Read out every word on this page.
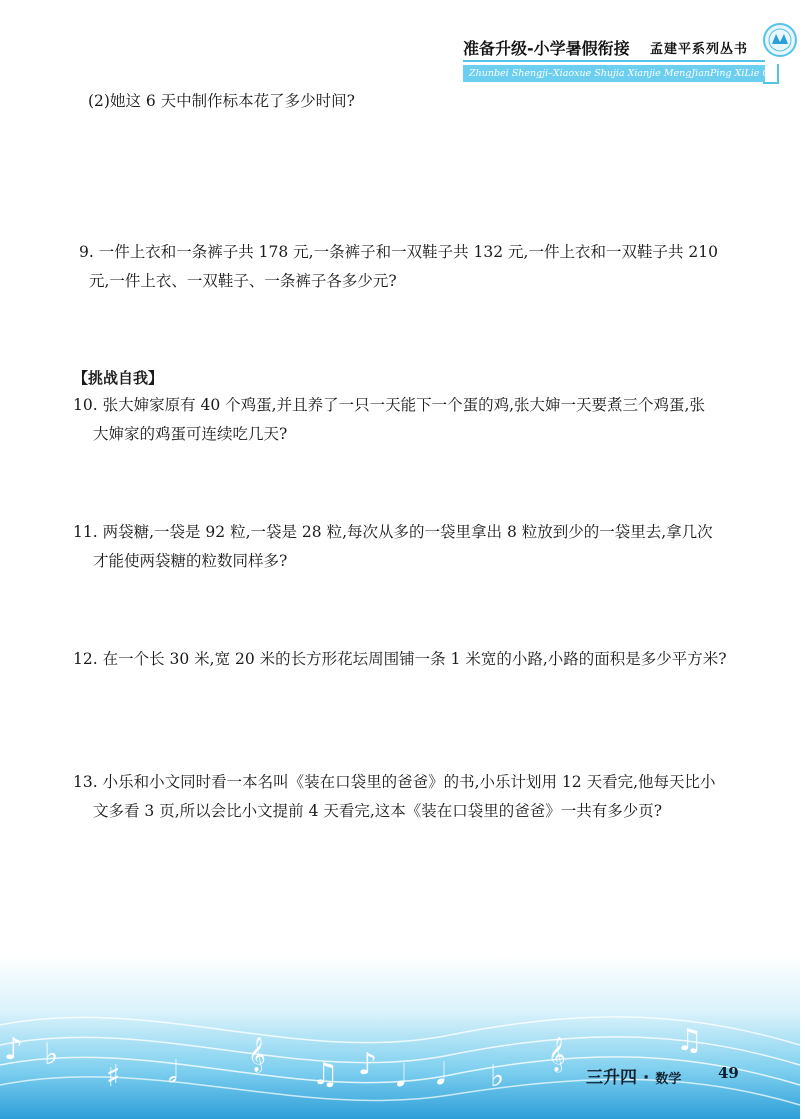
准备升级-小学暑假衔接 孟建平系列丛书
Zhunbei Shengji–Xiaoxue Shujia Xianjie MengJianPing XiLie Congshu
(2)她这 6 天中制作标本花了多少时间?
9. 一件上衣和一条裤子共 178 元,一条裤子和一双鞋子共 132 元,一件上衣和一双鞋子共 210
元,一件上衣、一双鞋子、一条裤子各多少元?
【挑战自我】
10. 张大婶家原有 40 个鸡蛋,并且养了一只一天能下一个蛋的鸡,张大婶一天要煮三个鸡蛋,张
大婶家的鸡蛋可连续吃几天?
11. 两袋糖,一袋是 92 粒,一袋是 28 粒,每次从多的一袋里拿出 8 粒放到少的一袋里去,拿几次
才能使两袋糖的粒数同样多?
12. 在一个长 30 米,宽 20 米的长方形花坛周围铺一条 1 米宽的小路,小路的面积是多少平方米?
13. 小乐和小文同时看一本名叫《装在口袋里的爸爸》的书,小乐计划用 12 天看完,他每天比小
文多看 3 页,所以会比小文提前 4 天看完,这本《装在口袋里的爸爸》一共有多少页?
♪ ♭
♯ 𝅗𝅥
𝄞
♫ ♪ 𝅘𝅥 𝅘𝅥 ♭
𝄞	♫
三升四 · 数学 49
